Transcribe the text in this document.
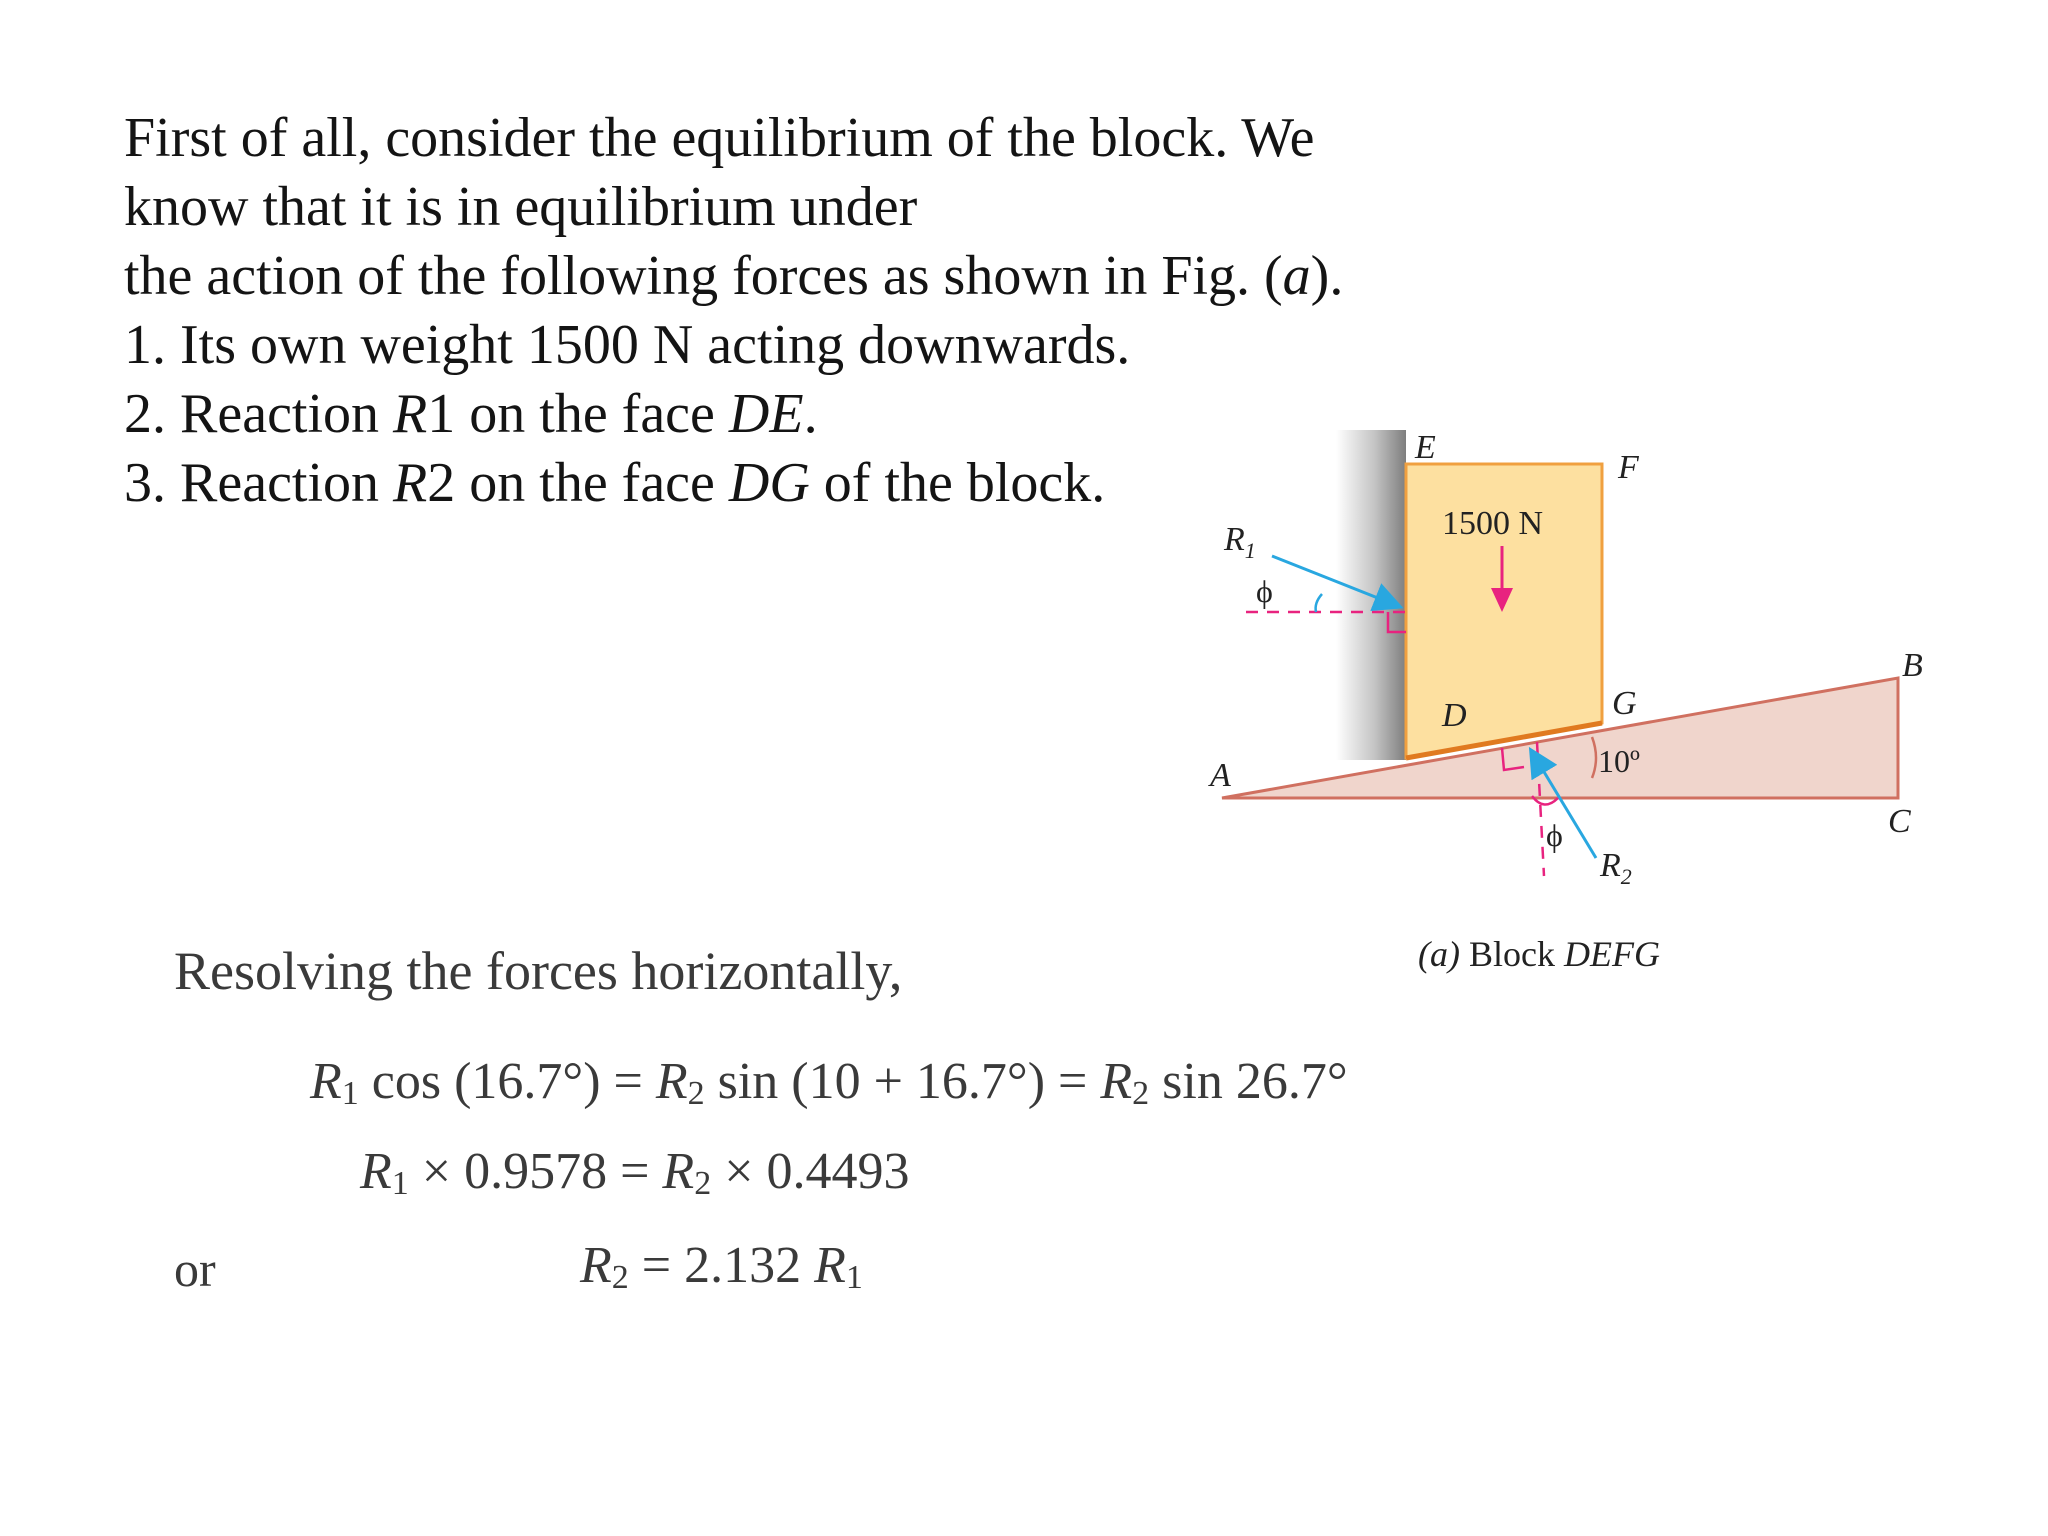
First of all, consider the equilibrium of the block. We
know that it is in equilibrium under
the action of the following forces as shown in Fig. (a).
1. Its own weight 1500 N acting downwards.
2. Reaction R1 on the face DE.
3. Reaction R2 on the face DG of the block.
E
F
G
D
A
B
C
1500 N
$R_1$
ϕ
$R_2$
ϕ
10º
(a) Block DEFG
Resolving the forces horizontally,
$R_1$ $\cos (16.7^\circ) = R_2$ $\sin (10 + 16.7^\circ) = R_2$ sin 26.7°
$R_1 \times 0.9578 = R_2 \times 0.4493$
or	$R_2 = 2.132$ $R_1$
